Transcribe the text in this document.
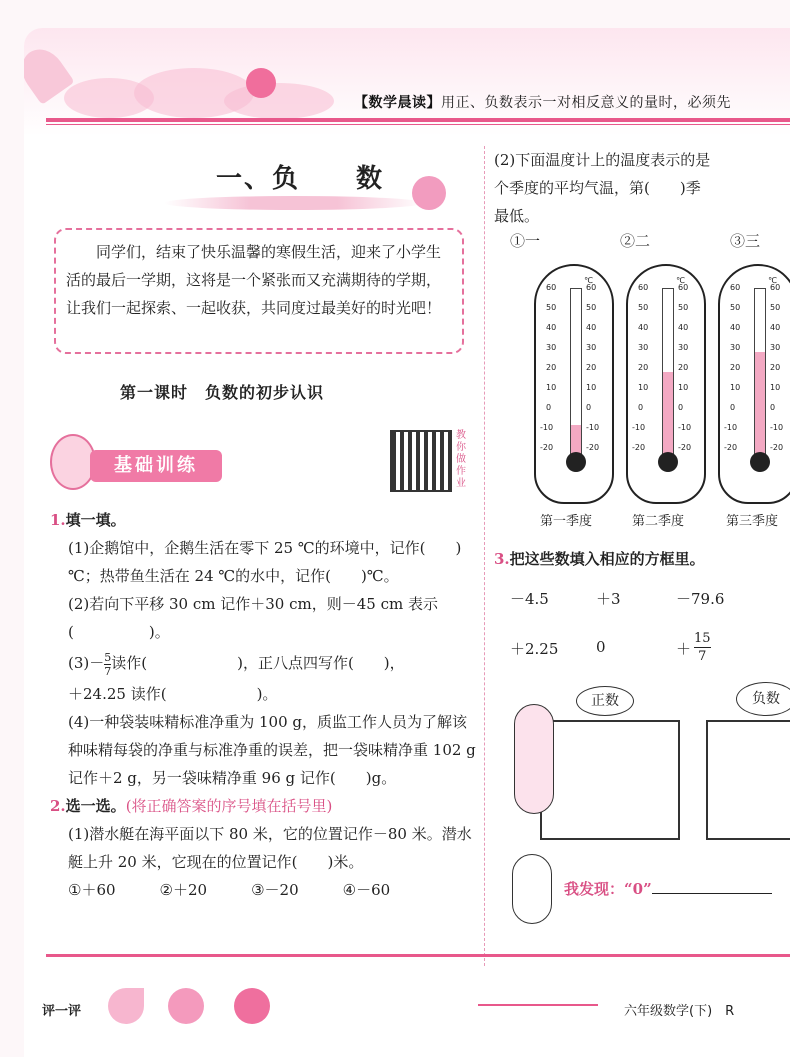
【数学晨读】用正、负数表示一对相反意义的量时，必须先
一、负　　数
同学们，结束了快乐温馨的寒假生活，迎来了小学生活的最后一学期，这将是一个紧张而又充满期待的学期，让我们一起探索、一起收获，共同度过最美好的时光吧！
第一课时　负数的初步认识
基础训练
教你做作业
1.填一填。
(1)企鹅馆中，企鹅生活在零下 25 ℃的环境中，记作(　　)℃；热带鱼生活在 24 ℃的水中，记作(　　)℃。
(2)若向下平移 30 cm 记作＋30 cm，则－45 cm 表示(　　　　　)。
$(3)- \frac{5}{7}$ 读作(　　　　　　)，正八点四写作(　　)，
＋24.25 读作(　　　　　　)。
(4)一种袋装味精标准净重为 100 g，质监工作人员为了解该种味精每袋的净重与标准净重的误差，把一袋味精净重 102 g 记作＋2 g，另一袋味精净重 96 g 记作(　　)g。
2.选一选。(将正确答案的序号填在括号里)
(1)潜水艇在海平面以下 80 米，它的位置记作－80 米。潜水艇上升 20 米，它现在的位置记作(　　)米。
①＋60	②＋20	③－20	④－60
(2)下面温度计上的温度表示的是
个季度的平均气温，第(　　)季
最低。
①一	②二	③三
℃
60	60
50	50
40	40
30	30
20	20
10	10
0	0
-10	-10
-20	-20
℃
60	60
50	50
40	40
30	30
20	20
10	10
0	0
-10	-10
-20	-20
℃
60	60
50	50
40	40
30	30
20	20
10	10
0	0
-10	-10
-20	-20
第一季度	第二季度	第三季度
3.把这些数填入相应的方框里。
－4.5	＋3	－79.6
＋2.25	0	＋ $\frac{15}{7}$
正数	负数
我发现：“0”
评一评	六年级数学(下)　R
